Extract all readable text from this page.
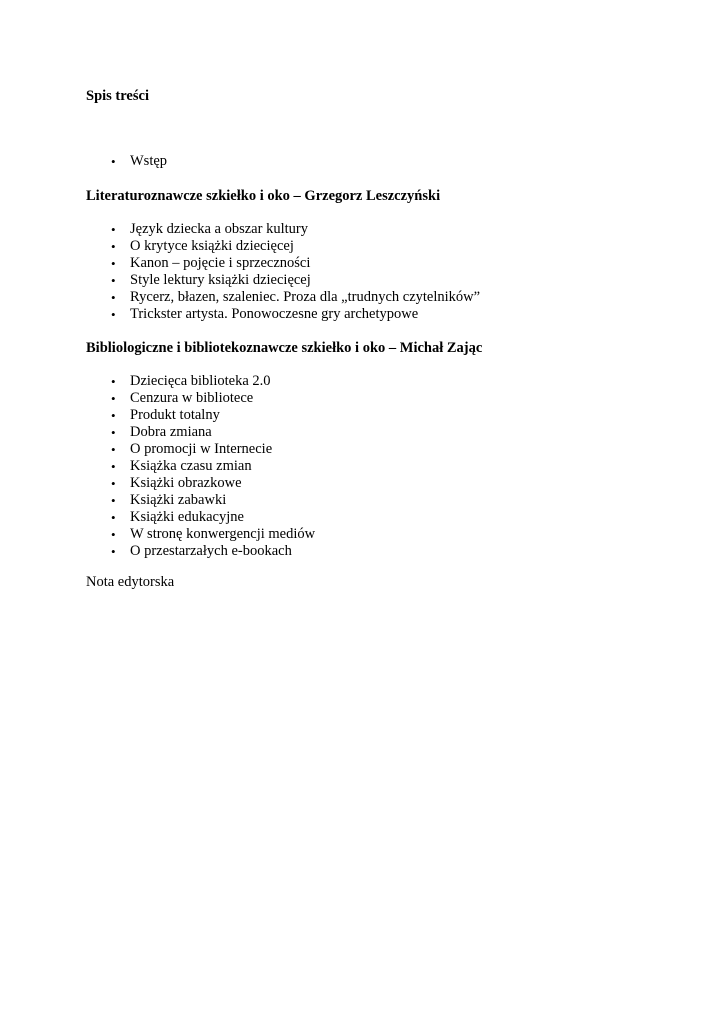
Spis treści

• Wstęp

Literaturoznawcze szkiełko i oko – Grzegorz Leszczyński

• Język dziecka a obszar kultury
• O krytyce książki dziecięcej
• Kanon – pojęcie i sprzeczności
• Style lektury książki dziecięcej
• Rycerz, błazen, szaleniec. Proza dla „trudnych czytelników”
• Trickster artysta. Ponowoczesne gry archetypowe

Bibliologiczne i bibliotekoznawcze szkiełko i oko – Michał Zając

• Dziecięca biblioteka 2.0
• Cenzura w bibliotece
• Produkt totalny
• Dobra zmiana
• O promocji w Internecie
• Książka czasu zmian
• Książki obrazkowe
• Książki zabawki
• Książki edukacyjne
• W stronę konwergencji mediów
• O przestarzałych e-bookach

Nota edytorska
